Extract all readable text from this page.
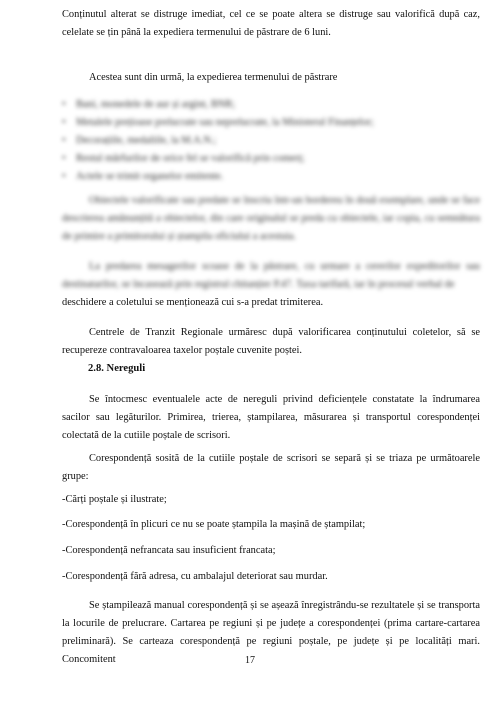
Conținutul alterat se distruge imediat, cel ce se poate altera se distruge sau valorifică după caz, celelate se țin până la expediera termenului de păstrare de 6 luni.

Acestea sunt din urmă, la expedierea termenului de păstrare

• Bani, monedele de aur și argint, BNR;
• Metalele prețioase prelucrate sau neprelucrate, la Ministerul Finanțelor;
• Decorațiile, medaliile, la M.A.N.;
• Restul mărfurilor de orice fel se valorifică prin comerț;
• Actele se trimit organelor emitente.

Obiectele valorificate sau predate se înscriu într-un bordereu în două exemplare, unde se face descrierea amănunțită a obiectelor, din care originalul se preda cu obiectele, iar copia, cu semnătura de primire a primitorului și ștampila oficiului a acestuia.

La predarea mesagerilor scoase de la păstrare, cu urmare a cererilor expeditorilor sau destinatarilor, se încasează prin registrul chitanțier P.47. Taxa tarifară, iar în procesul verbal de

deschidere a coletului se menționează cui s-a predat trimiterea.

Centrele de Tranzit Regionale urmăresc după valorificarea conținutului coletelor, să se recupereze contravaloarea taxelor poștale cuvenite poștei.

2.8. Nereguli

Se întocmesc eventualele acte de nereguli privind deficiențele constatate la îndrumarea sacilor sau legăturilor. Primirea, trierea, ștampilarea, măsurarea și transportul corespondenței colectată de la cutiile poștale de scrisori.

Corespondență sosită de la cutiile poștale de scrisori se separă și se triaza pe următoarele grupe:

-Cărți poștale și ilustrate;

-Corespondență în plicuri ce nu se poate ștampila la mașină de ștampilat;

-Corespondență nefrancata sau insuficient francata;

-Corespondență fără adresa, cu ambalajul deteriorat sau murdar.

Se ștampilează manual corespondență și se așează înregistrându-se rezultatele și se transporta la locurile de prelucrare. Cartarea pe regiuni și pe județe a corespondenței (prima cartare-cartarea preliminară). Se carteaza corespondență pe regiuni poștale, pe județe și pe localități mari. Concomitent	17
